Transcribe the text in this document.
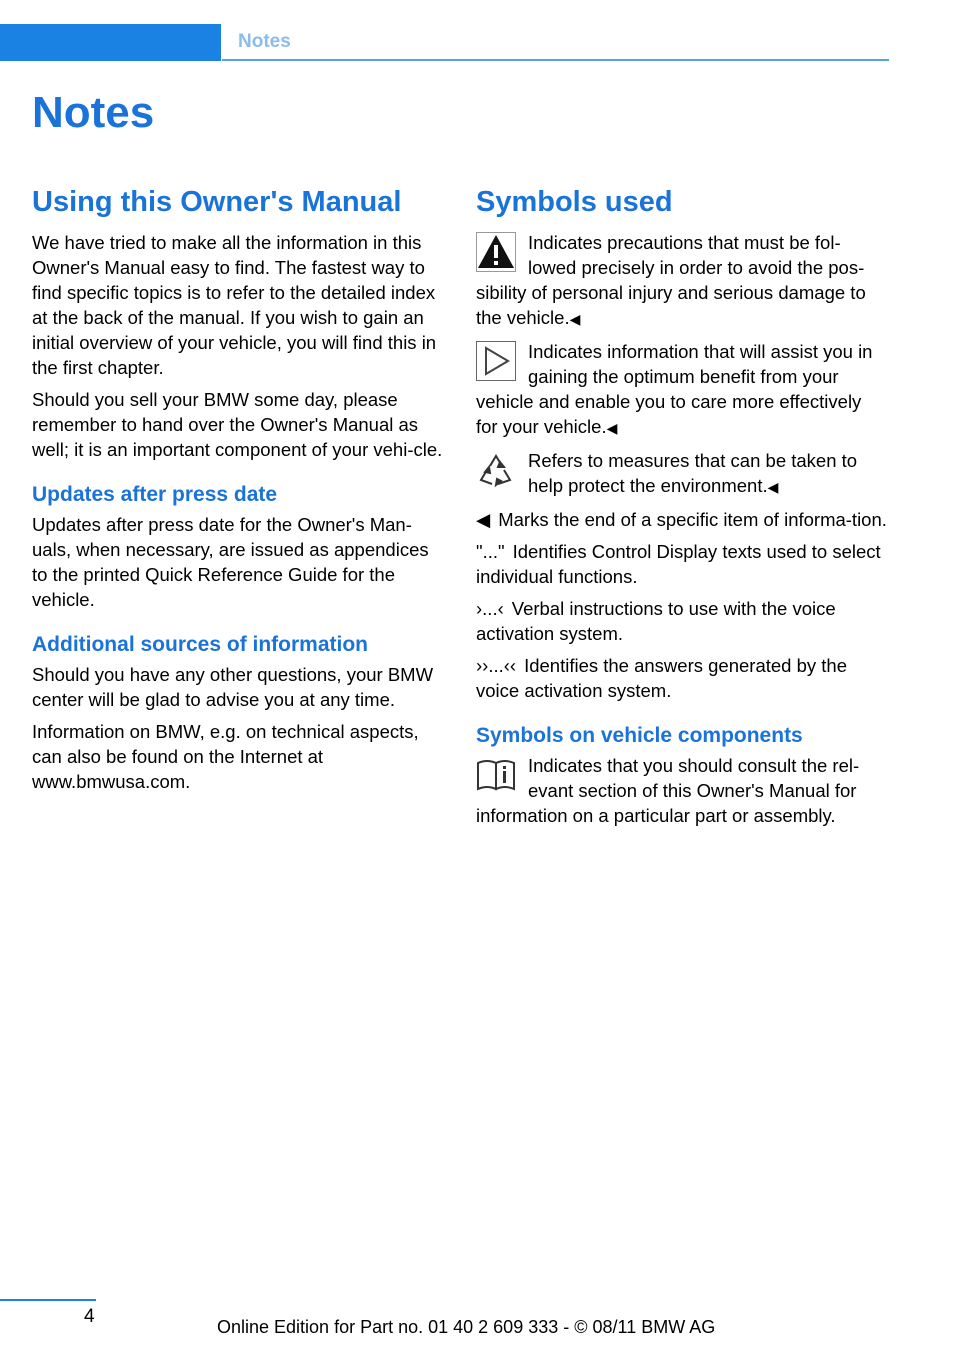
Notes
Notes
Using this Owner's Manual

We have tried to make all the information in this Owner's Manual easy to find. The fastest way to find specific topics is to refer to the detailed index at the back of the manual. If you wish to gain an initial overview of your vehicle, you will find this in the first chapter.

Should you sell your BMW some day, please remember to hand over the Owner's Manual as well; it is an important component of your vehi-cle.

Updates after press date

Updates after press date for the Owner's Man-uals, when necessary, are issued as appendices to the printed Quick Reference Guide for the vehicle.

Additional sources of information

Should you have any other questions, your BMW center will be glad to advise you at any time.

Information on BMW, e.g. on technical aspects, can also be found on the Internet at www.bmwusa.com.

Symbols used

Indicates precautions that must be fol-lowed precisely in order to avoid the pos-sibility of personal injury and serious damage to the vehicle.◀

Indicates information that will assist you in gaining the optimum benefit from your vehicle and enable you to care more effectively for your vehicle.◀

Refers to measures that can be taken to help protect the environment.◀

◀ Marks the end of a specific item of informa-tion.

"..." Identifies Control Display texts used to select individual functions.

›...‹ Verbal instructions to use with the voice activation system.

››...‹‹ Identifies the answers generated by the voice activation system.

Symbols on vehicle components

Indicates that you should consult the rel-evant section of this Owner's Manual for information on a particular part or assembly.

4	Online Edition for Part no. 01 40 2 609 333 - © 08/11 BMW AG
